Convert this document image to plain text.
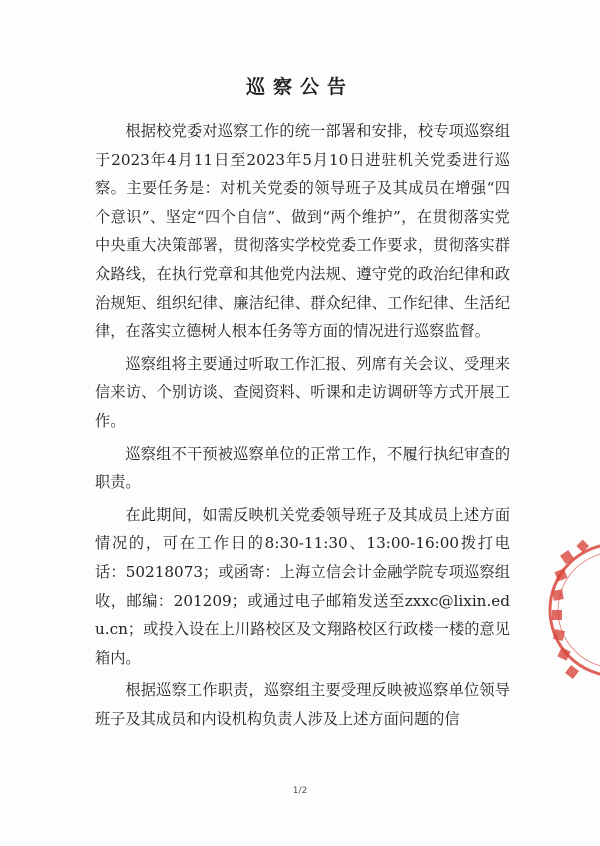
巡察公告

根据校党委对巡察工作的统一部署和安排，校专项巡察组于2023年4月11日至2023年5月10日进驻机关党委进行巡察。主要任务是：对机关党委的领导班子及其成员在增强“四个意识”、坚定“四个自信”、做到“两个维护”，在贯彻落实党中央重大决策部署，贯彻落实学校党委工作要求，贯彻落实群众路线，在执行党章和其他党内法规、遵守党的政治纪律和政治规矩、组织纪律、廉洁纪律、群众纪律、工作纪律、生活纪律，在落实立德树人根本任务等方面的情况进行巡察监督。

巡察组将主要通过听取工作汇报、列席有关会议、受理来信来访、个别访谈、查阅资料、听课和走访调研等方式开展工作。

巡察组不干预被巡察单位的正常工作，不履行执纪审查的职责。

在此期间，如需反映机关党委领导班子及其成员上述方面情况的，可在工作日的8:30-11:30、13:00-16:00拨打电话：50218073；或函寄：上海立信会计金融学院专项巡察组收，邮编：201209；或通过电子邮箱发送至zxxc@lixin.edu.cn；或投入设在上川路校区及文翔路校区行政楼一楼的意见箱内。

根据巡察工作职责，巡察组主要受理反映被巡察单位领导班子及其成员和内设机构负责人涉及上述方面问题的信

1/2
